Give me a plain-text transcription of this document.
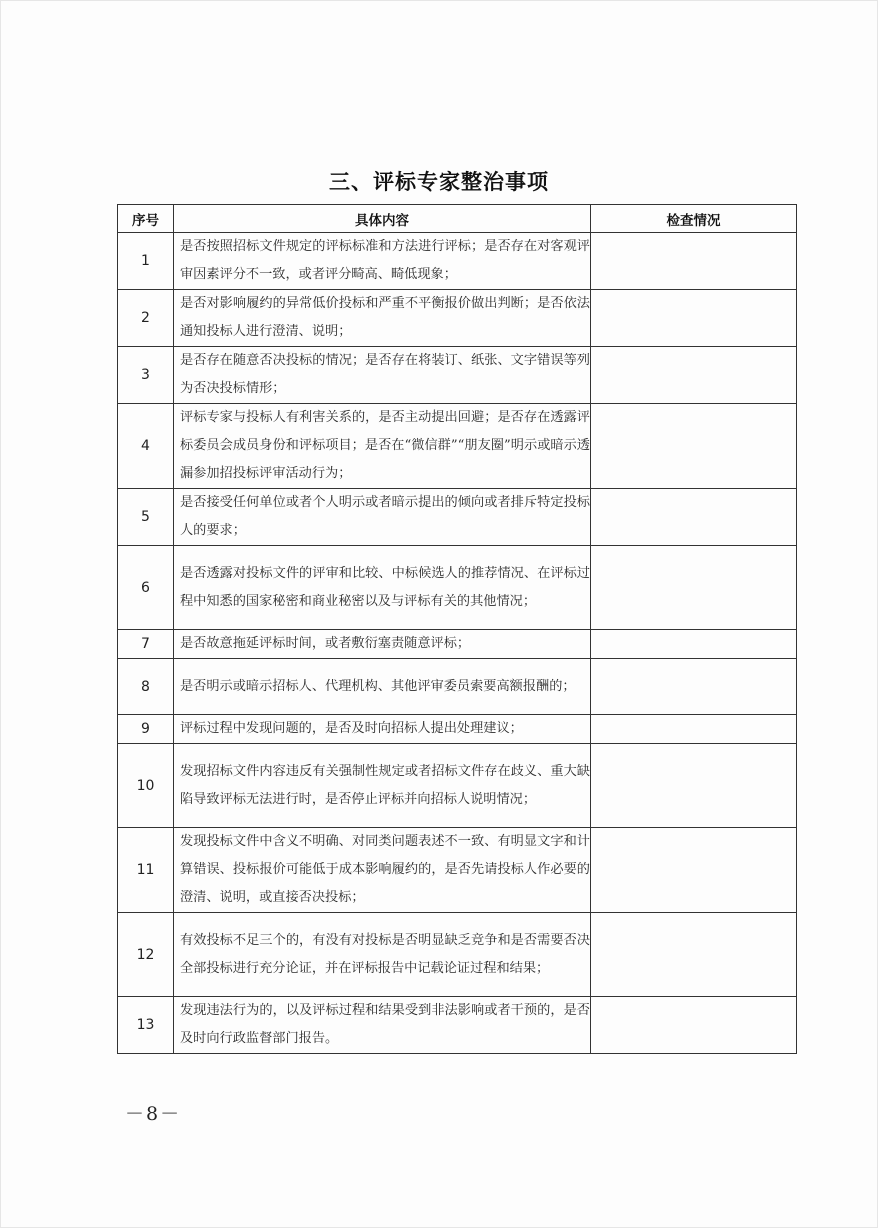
三、评标专家整治事项
序号	具体内容	检查情况
1	是否按照招标文件规定的评标标准和方法进行评标；是否存在对客观评审因素评分不一致，或者评分畸高、畸低现象；	
2	是否对影响履约的异常低价投标和严重不平衡报价做出判断；是否依法通知投标人进行澄清、说明；	
3	是否存在随意否决投标的情况；是否存在将装订、纸张、文字错误等列为否决投标情形；	
4	评标专家与投标人有利害关系的，是否主动提出回避；是否存在透露评标委员会成员身份和评标项目；是否在“微信群”“朋友圈”明示或暗示透漏参加招投标评审活动行为；	
5	是否接受任何单位或者个人明示或者暗示提出的倾向或者排斥特定投标人的要求；	
6	是否透露对投标文件的评审和比较、中标候选人的推荐情况、在评标过程中知悉的国家秘密和商业秘密以及与评标有关的其他情况；	
7	是否故意拖延评标时间，或者敷衍塞责随意评标；	
8	是否明示或暗示招标人、代理机构、其他评审委员索要高额报酬的；	
9	评标过程中发现问题的，是否及时向招标人提出处理建议；	
10	发现招标文件内容违反有关强制性规定或者招标文件存在歧义、重大缺陷导致评标无法进行时，是否停止评标并向招标人说明情况；	
11	发现投标文件中含义不明确、对同类问题表述不一致、有明显文字和计算错误、投标报价可能低于成本影响履约的，是否先请投标人作必要的澄清、说明，或直接否决投标；	
12	有效投标不足三个的，有没有对投标是否明显缺乏竞争和是否需要否决全部投标进行充分论证，并在评标报告中记载论证过程和结果；	
13	发现违法行为的，以及评标过程和结果受到非法影响或者干预的，是否及时向行政监督部门报告。	
－8－
